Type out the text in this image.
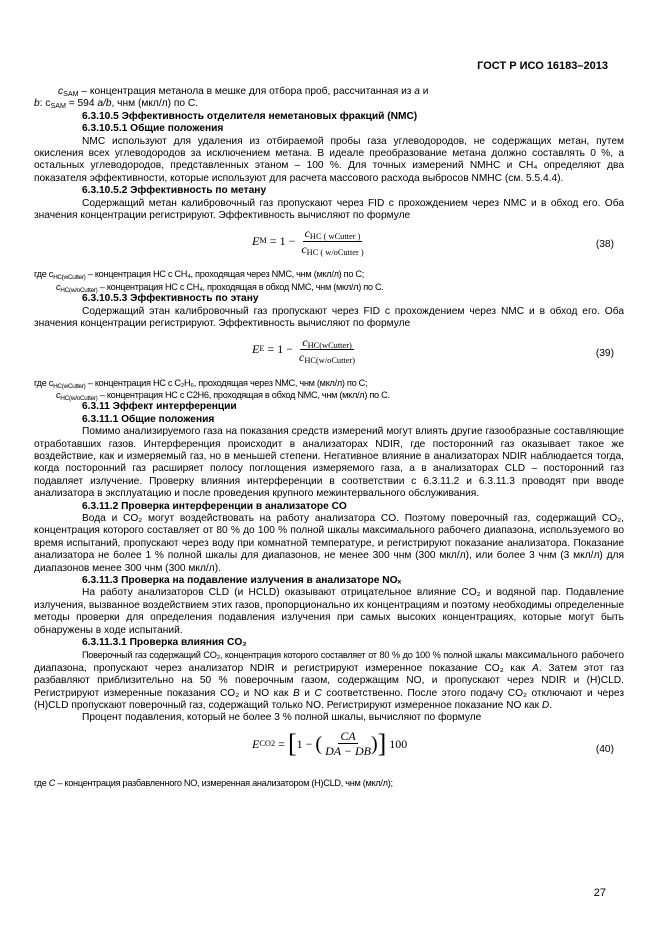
ГОСТ Р ИСО 16183–2013

$c_{SAM}$ – концентрация метанола в мешке для отбора проб, рассчитанная из a и

b: $c_{SAM} = 594$ a/b, чнм (мкл/л) по C.

6.3.10.5 Эффективность отделителя неметановых фракций (NMC)

6.3.10.5.1 Общие положения

NMC используют для удаления из отбираемой пробы газа углеводородов, не содержащих метан, путем окисления всех углеводородов за исключением метана. В идеале преобразование метана должно составлять 0 %, а остальных углеводородов, представленных этаном – 100 %. Для точных измерений NMHC и CH₄ определяют два показателя эффективности, которые используют для расчета массового расхода выбросов NMHC (см. 5.5.4.4).

6.3.10.5.2 Эффективность по метану

Содержащий метан калибровочный газ пропускают через FID с прохождением через NMC и в обход его. Оба значения концентрации регистрируют. Эффективность вычисляют по формуле

E $M = 1 - \frac{c_{HC ( wCutter )}}{c_{HC ( w/oCutter )}}$	(38)

где $c_{HC(wCutter)}$ – концентрация HC с CH₄, проходящая через NMC, чнм (мкл/л) по C;

$c_{HC(w/oCutter)}$ – концентрация HC с CH₄, проходящая в обход NMC, чнм (мкл/л) по C.

6.3.10.5.3 Эффективность по этану

Содержащий этан калибровочный газ пропускают через FID с прохождением через NMC и в обход его. Оба значения концентрации регистрируют. Эффективность вычисляют по формуле

E $E = 1 - \frac{c_{HC(wCutter)}}{c_{HC(w/oCutter)}}$	(39)

где $c_{HC(wCutter)}$ – концентрация HC с C₂H₆, проходящая через NMC, чнм (мкл/л) по C;

$c_{HC(w/oCutter)}$ – концентрация HC с C2H6, проходящая в обход NMC, чнм (мкл/л) по C.

6.3.11 Эффект интерференции

6.3.11.1 Общие положения

Помимо анализируемого газа на показания средств измерений могут влиять другие газообразные составляющие отработавших газов. Интерференция происходит в анализаторах NDIR, где посторонний газ оказывает такое же воздействие, как и измеряемый газ, но в меньшей степени. Негативное влияние в анализаторах NDIR наблюдается тогда, когда посторонний газ расширяет полосу поглощения измеряемого газа, а в анализаторах CLD – посторонний газ подавляет излучение. Проверку влияния интерференции в соответствии с 6.3.11.2 и 6.3.11.3 проводят при вводе анализатора в эксплуатацию и после проведения крупного межинтервального обслуживания.

6.3.11.2 Проверка интерференции в анализаторе CO

Вода и CO₂ могут воздействовать на работу анализатора CO. Поэтому поверочный газ, содержащий CO₂, концентрация которого составляет от 80 % до 100 % полной шкалы максимального рабочего диапазона, используемого во время испытаний, пропускают через воду при комнатной температуре, и регистрируют показание анализатора. Показание анализатора не более 1 % полной шкалы для диапазонов, не менее 300 чнм (300 мкл/л), или более 3 чнм (3 мкл/л) для диапазонов менее 300 чнм (300 мкл/л).

6.3.11.3 Проверка на подавление излучения в анализаторе NOₓ

На работу анализаторов CLD (и HCLD) оказывают отрицательное влияние CO₂ и водяной пар. Подавление излучения, вызванное воздействием этих газов, пропорционально их концентрациям и поэтому необходимы определенные методы проверки для определения подавления излучения при самых высоких концентрациях, которые могут быть обнаружены в ходе испытаний.

6.3.11.3.1 Проверка влияния CO₂

Поверочный газ содержащий CO₂, концентрация которого составляет от 80 % до 100 % полной шкалы максимального рабочего диапазона, пропускают через анализатор NDIR и регистрируют измеренное показание CO₂ как A. Затем этот газ разбавляют приблизительно на 50 % поверочным газом, содержащим NO, и пропускают через NDIR и (H)CLD. Регистрируют измеренные показания CO₂ и NO как B и C соответственно. После этого подачу CO₂ отключают и через (H)CLD пропускают поверочный газ, содержащий только NO. Регистрируют измеренное показание NO как D.

Процент подавления, который не более 3 % полной шкалы, вычисляют по формуле

E CO2 = [ 1 − ( $\frac{CA}{DA - DB}$ ) ] 100	(40)

где C – концентрация разбавленного NO, измеренная анализатором (H)CLD, чнм (мкл/л);

27
